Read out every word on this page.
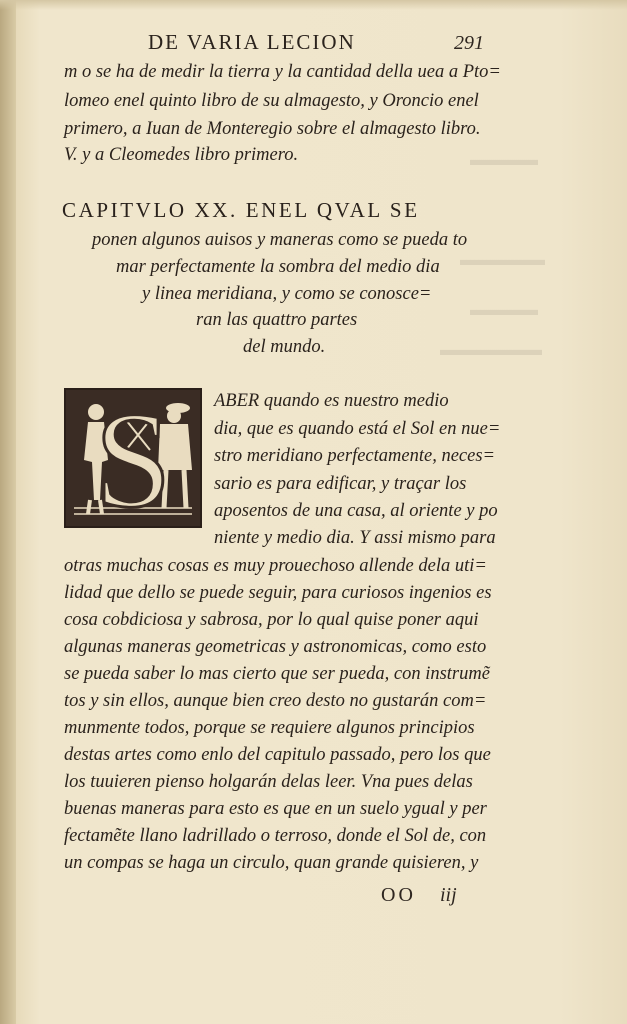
▬▬▬▬
▬▬▬▬▬
▬▬▬▬
▬▬▬▬▬▬
DE VARIA LECION	291
m o se ha de medir la tierra y la cantidad della uea a Pto=
lomeo enel quinto libro de su almagesto, y Oroncio enel
primero, a Iuan de Monteregio sobre el almagesto libro.
V. y a Cleomedes libro primero.
CAPITVLO XX. ENEL QVAL SE
ponen algunos auisos y maneras como se pueda to
mar perfectamente la sombra del medio dia
y linea meridiana, y como se conosce=
ran las quattro partes
del mundo.
S ABER quando es nuestro medio
dia, que es quando está el Sol en nue=
stro meridiano perfectamente, neces=
sario es para edificar, y traçar los
aposentos de una casa, al oriente y po
niente y medio dia. Y assi mismo para
otras muchas cosas es muy prouechoso allende dela uti=
lidad que dello se puede seguir, para curiosos ingenios es
cosa cobdiciosa y sabrosa, por lo qual quise poner aqui
algunas maneras geometricas y astronomicas, como esto
se pueda saber lo mas cierto que ser pueda, con instrumẽ
tos y sin ellos, aunque bien creo desto no gustarán com=
munmente todos, porque se requiere algunos principios
destas artes como enlo del capitulo passado, pero los que
los tuuieren pienso holgarán delas leer. Vna pues delas
buenas maneras para esto es que en un suelo ygual y per
fectamẽte llano ladrillado o terroso, donde el Sol de, con
un compas se haga un circulo, quan grande quisieren, y
OO iij
